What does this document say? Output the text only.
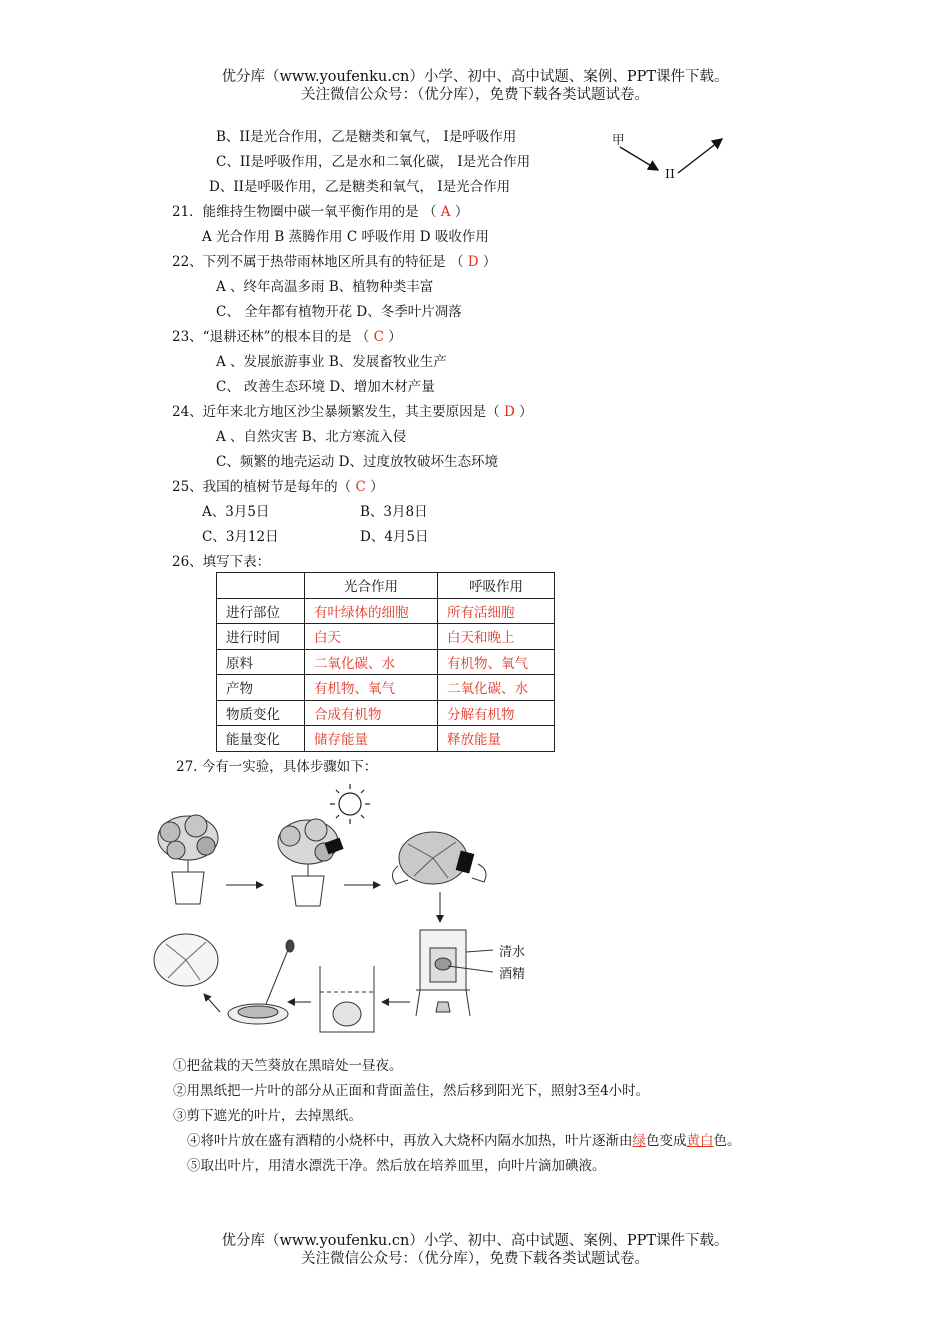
优分库（www.youfenku.cn）小学、初中、高中试题、案例、PPT课件下载。
关注微信公众号：（优分库），免费下载各类试题试卷。
甲
II
B、II是光合作用，乙是糖类和氧气， I是呼吸作用
C、II是呼吸作用，乙是水和二氧化碳， I是光合作用
D、II是呼吸作用，乙是糖类和氧气， I是光合作用
21．能维持生物圈中碳一氧平衡作用的是 （ A ）
A 光合作用 B 蒸腾作用 C 呼吸作用 D 吸收作用
22、下列不属于热带雨林地区所具有的特征是 （ D ）
A 、终年高温多雨 B、植物种类丰富
C、 全年都有植物开花 D、冬季叶片凋落
23、“退耕还林”的根本目的是 （ C ）
A 、发展旅游事业 B、发展畜牧业生产
C、 改善生态环境 D、增加木材产量
24、近年来北方地区沙尘暴频繁发生，其主要原因是（ D ）
A 、自然灾害 B、北方寒流入侵
C、频繁的地壳运动 D、过度放牧破坏生态环境
25、我国的植树节是每年的（ C ）
A、3月5日	B、3月8日
C、3月12日	D、4月5日
26、填写下表：
	光合作用	呼吸作用
进行部位	有叶绿体的细胞	所有活细胞
进行时间	白天	白天和晚上
原料	二氧化碳、水	有机物、氧气
产物	有机物、氧气	二氧化碳、水
物质变化	合成有机物	分解有机物
能量变化	储存能量	释放能量
27. 今有一实验，具体步骤如下：
清水
酒精
①把盆栽的天竺葵放在黑暗处一昼夜。
②用黑纸把一片叶的部分从正面和背面盖住，然后移到阳光下，照射3至4小时。
③剪下遮光的叶片，去掉黑纸。
④将叶片放在盛有酒精的小烧杯中，再放入大烧杯内隔水加热，叶片逐渐由绿色变成黄白色。
⑤取出叶片，用清水漂洗干净。然后放在培养皿里，向叶片滴加碘液。
优分库（www.youfenku.cn）小学、初中、高中试题、案例、PPT课件下载。
关注微信公众号：（优分库），免费下载各类试题试卷。
